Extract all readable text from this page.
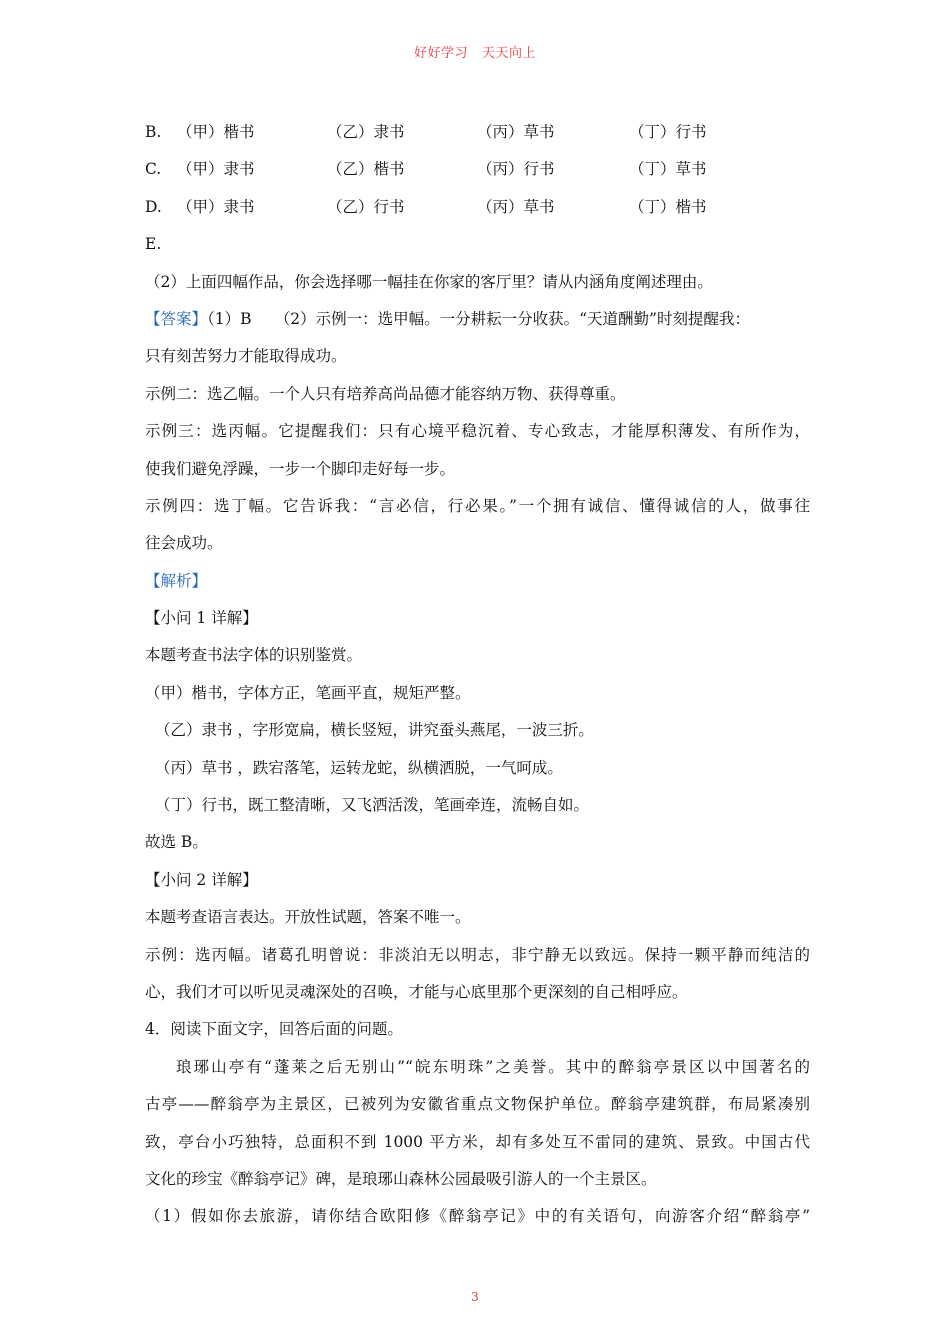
好好学习 天天向上
B.	（甲）楷书	（乙）隶书	（丙）草书	（丁）行书
C.	（甲）隶书	（乙）楷书	（丙）行书	（丁）草书
D. （甲）隶书	（乙）行书	（丙）草书	（丁）楷书
E.
（2）上面四幅作品，你会选择哪一幅挂在你家的客厅里？请从内涵角度阐述理由。
【答案】（1）B　　（2）示例一：选甲幅。一分耕耘一分收获。“天道酬勤”时刻提醒我：
只有刻苦努力才能取得成功。
示例二：选乙幅。一个人只有培养高尚品德才能容纳万物、获得尊重。
示例三：选丙幅。它提醒我们：只有心境平稳沉着、专心致志，才能厚积薄发、有所作为，
使我们避免浮躁，一步一个脚印走好每一步。
示例四：选丁幅。它告诉我：“言必信，行必果。”一个拥有诚信、懂得诚信的人，做事往
往会成功。
【解析】
【小问 1 详解】
本题考查书法字体的识别鉴赏。
（甲）楷书，字体方正，笔画平直，规矩严整。
（乙）隶书 ，字形宽扁，横长竖短，讲究蚕头燕尾，一波三折。
（丙）草书 ，跌宕落笔，运转龙蛇，纵横洒脱，一气呵成。
（丁）行书，既工整清晰，又飞洒活泼，笔画牵连，流畅自如。
故选 B。
【小问 2 详解】
本题考查语言表达。开放性试题，答案不唯一。
示例：选丙幅。诸葛孔明曾说：非淡泊无以明志，非宁静无以致远。保持一颗平静而纯洁的
心，我们才可以听见灵魂深处的召唤，才能与心底里那个更深刻的自己相呼应。
4．阅读下面文字，回答后面的问题。
琅琊山亭有“蓬莱之后无别山”“皖东明珠”之美誉。其中的醉翁亭景区以中国著名的
古亭——醉翁亭为主景区，已被列为安徽省重点文物保护单位。醉翁亭建筑群，布局紧凑别
致，亭台小巧独特，总面积不到 1000 平方米，却有多处互不雷同的建筑、景致。中国古代
文化的珍宝《醉翁亭记》碑，是琅琊山森林公园最吸引游人的一个主景区。
（1）假如你去旅游，请你结合欧阳修《醉翁亭记》中的有关语句，向游客介绍“醉翁亭”
3
